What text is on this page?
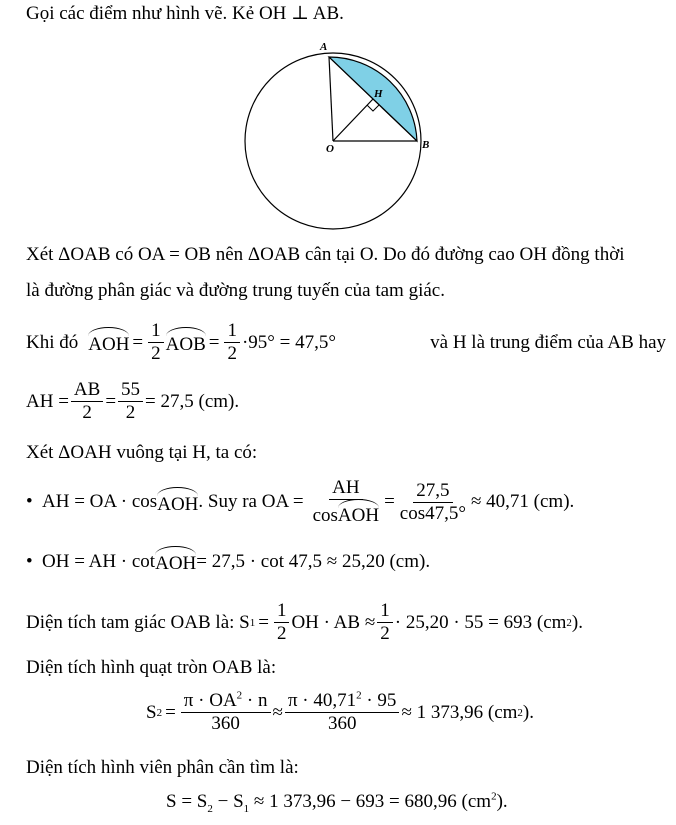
Gọi các điểm như hình vẽ. Kẻ OH ⊥ AB.
A
B
O
H
Xét ΔOAB có OA = OB nên ΔOAB cân tại O. Do đó đường cao OH đồng thời
là đường phân giác và đường trung tuyến của tam giác.
Khi đó AOH = $\frac{1}{2}$ AOB = $\frac{1}{2} \cdot 95^\circ = 47,5^\circ$	và H là trung điểm của AB hay
AH = $\frac{AB}{2} = \frac{55}{2} = 27,5$ (cm).
Xét ΔOAH vuông tại H, ta có:
• AH = OA · cos AOH . Suy ra OA = $\frac{AH}{\text{cosAOH}} = \frac{27,5}{\cos 47,5^\circ} \approx 40,71$ (cm).
• OH = AH · cot AOH = 27,5 · cot 47,5 ≈ 25,20 (cm).
Diện tích tam giác OAB là: S $1 = \frac{1}{2}$ OH · AB ≈ $\frac{1}{2} \cdot 25,20 \cdot 55 = 693$ (cm 2 ).
Diện tích hình quạt tròn OAB là:
S $2 = \frac{\pi \cdot OA^2 \cdot n}{360} \approx \frac{\pi \cdot 40,71^2 \cdot 95}{360} \approx 1$ 373,96 (cm 2 ).
Diện tích hình viên phân cần tìm là:
$S = S_2 - S_1 \approx 1$ 373,96 − 693 = 680,96 $(cm^2)$.
